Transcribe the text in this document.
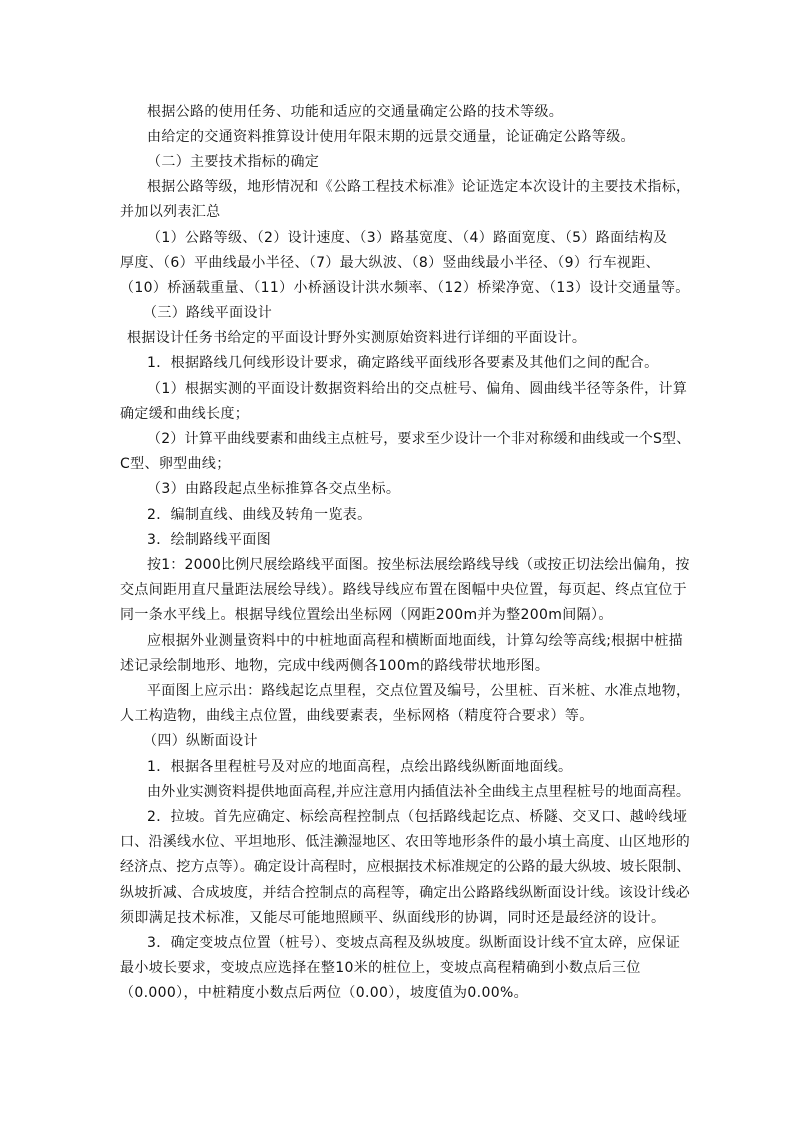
根据公路的使用任务、功能和适应的交通量确定公路的技术等级。

由给定的交通资料推算设计使用年限末期的远景交通量，论证确定公路等级。

（二）主要技术指标的确定

根据公路等级，地形情况和《公路工程技术标准》论证选定本次设计的主要技术指标，

并加以列表汇总

（1）公路等级、（2）设计速度、（3）路基宽度、（4）路面宽度、（5）路面结构及

厚度、（6）平曲线最小半径、（7）最大纵波、（8）竖曲线最小半径、（9）行车视距、

（10）桥涵载重量、（11）小桥涵设计洪水频率、（12）桥梁净宽、（13）设计交通量等。

（三）路线平面设计

根据设计任务书给定的平面设计野外实测原始资料进行详细的平面设计。

1．根据路线几何线形设计要求，确定路线平面线形各要素及其他们之间的配合。

（1）根据实测的平面设计数据资料给出的交点桩号、偏角、圆曲线半径等条件，计算

确定缓和曲线长度；

（2）计算平曲线要素和曲线主点桩号，要求至少设计一个非对称缓和曲线或一个S型、

C型、卵型曲线；

（3）由路段起点坐标推算各交点坐标。

2．编制直线、曲线及转角一览表。

3．绘制路线平面图

按1：2000比例尺展绘路线平面图。按坐标法展绘路线导线（或按正切法绘出偏角，按

交点间距用直尺量距法展绘导线）。路线导线应布置在图幅中央位置，每页起、终点宜位于

同一条水平线上。根据导线位置绘出坐标网（网距200m并为整200m间隔）。

应根据外业测量资料中的中桩地面高程和横断面地面线，计算勾绘等高线;根据中桩描

述记录绘制地形、地物，完成中线两侧各100m的路线带状地形图。

平面图上应示出：路线起讫点里程，交点位置及编号，公里桩、百米桩、水准点地物，

人工构造物，曲线主点位置，曲线要素表，坐标网格（精度符合要求）等。

（四）纵断面设计

1．根据各里程桩号及对应的地面高程，点绘出路线纵断面地面线。

由外业实测资料提供地面高程,并应注意用内插值法补全曲线主点里程桩号的地面高程。

2．拉坡。首先应确定、标绘高程控制点（包括路线起讫点、桥隧、交叉口、越岭线垭

口、沿溪线水位、平坦地形、低洼濑湿地区、农田等地形条件的最小填土高度、山区地形的

经济点、挖方点等）。确定设计高程时，应根据技术标准规定的公路的最大纵坡、坡长限制、

纵坡折减、合成坡度，并结合控制点的高程等，确定出公路路线纵断面设计线。该设计线必

须即满足技术标准，又能尽可能地照顾平、纵面线形的协调，同时还是最经济的设计。

3．确定变坡点位置（桩号）、变坡点高程及纵坡度。纵断面设计线不宜太碎，应保证

最小坡长要求，变坡点应选择在整10米的桩位上，变坡点高程精确到小数点后三位

（0.000），中桩精度小数点后两位（0.00），坡度值为0.00%。
